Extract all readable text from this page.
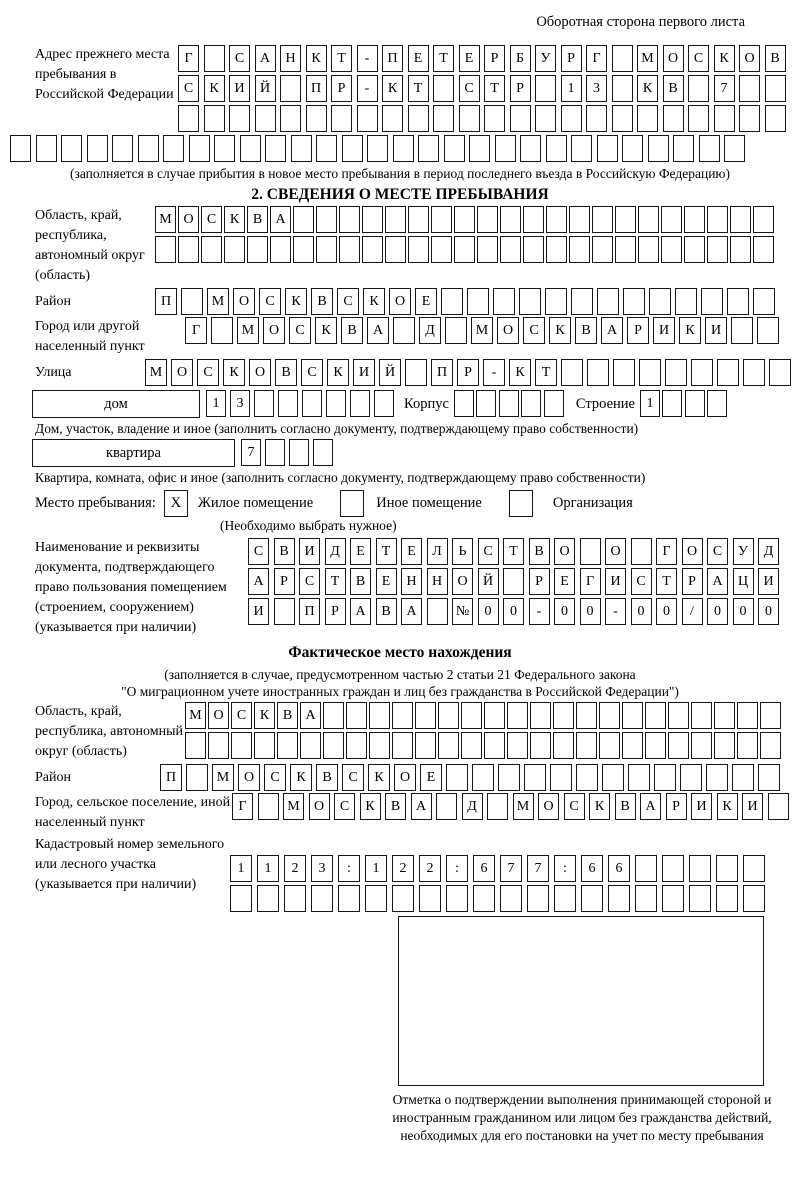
Оборотная сторона первого листа
Адрес прежнего места пребывания в Российской Федерации
Г	С	А	Н	К	Т	-	П	Е	Т	Е	Р	Б	У	Р	Г	М	О	С	К	О	В
С	К	И	Й	П	Р	-	К	Т	С	Т	Р	1	3	К	В	7
(заполняется в случае прибытия в новое место пребывания в период последнего въезда в Российскую Федерацию)
2. СВЕДЕНИЯ О МЕСТЕ ПРЕБЫВАНИЯ
Область, край, республика, автономный округ (область)
М О С К В А
Район	П	М	О	С	К	В	С	К	О	Е
Город или другой населенный пункт
Г	М	О	С	К	В	А	Д	М	О	С	К	В	А	Р	И	К	И
Улица	М	О	С	К	О	В	С	К	И	Й	П	Р	-	К	Т
дом	1	3	Корпус	Строение 1
Дом, участок, владение и иное (заполнить согласно документу, подтверждающему право собственности)
квартира	7
Квартира, комната, офис и иное (заполнить согласно документу, подтверждающему право собственности)
Место пребывания:	X	Жилое помещение	Иное помещение	Организация
(Необходимо выбрать нужное)
Наименование и реквизиты документа, подтверждающего право пользования помещением (строением, сооружением) (указывается при наличии)
С	В	И	Д	Е	Т	Е	Л	Ь	С	Т	В	О	О	Г	О	С	У	Д
А	Р	С	Т	В	Е	Н	Н	О	Й	Р	Е	Г	И	С	Т	Р	А	Ц	И
И	П	Р	А	В	А	№	0	0	-	0	0	-	0	0	/	0	0	0
Фактическое место нахождения
(заполняется в случае, предусмотренном частью 2 статьи 21 Федерального закона
"О миграционном учете иностранных граждан и лиц без гражданства в Российской Федерации")
Область, край, республика, автономный округ (область)
М О С К В А
Район	П	М	О	С	К	В	С	К	О	Е
Город, сельское поселение, иной населенный пункт
Г	М	О	С	К	В	А	Д	М	О	С	К	В	А	Р	И	К	И
Кадастровый номер земельного или лесного участка (указывается при наличии)
1	1	2	3	:	1	2	2	:	6	7	7	:	6	6
Отметка о подтверждении выполнения принимающей стороной и иностранным гражданином или лицом без гражданства действий, необходимых для его постановки на учет по месту пребывания
